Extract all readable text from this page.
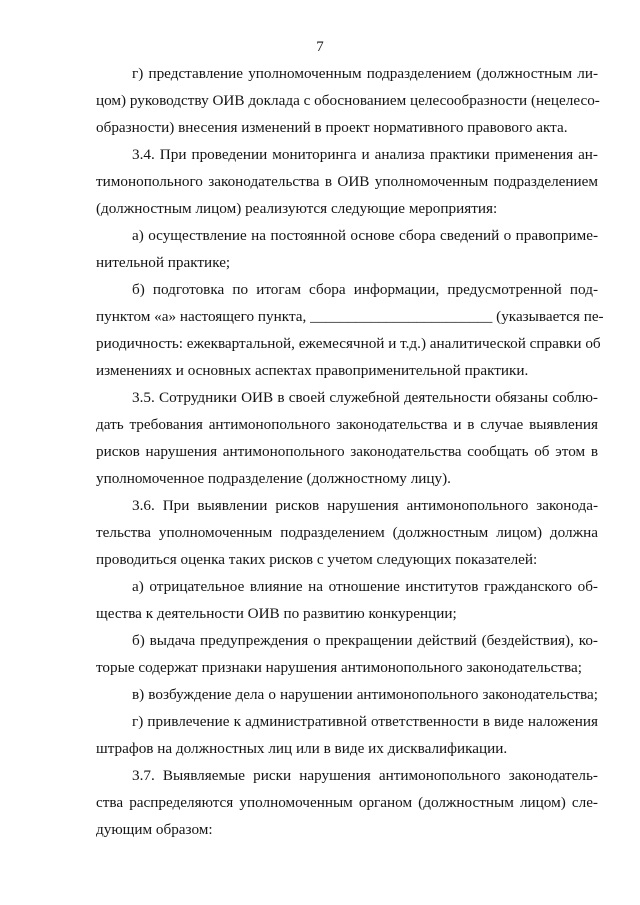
7
г) представление уполномоченным подразделением (должностным ли-
цом) руководству ОИВ доклада с обоснованием целесообразности (нецелесо-
образности) внесения изменений в проект нормативного правового акта.
3.4. При проведении мониторинга и анализа практики применения ан-
тимонопольного законодательства в ОИВ уполномоченным подразделением
(должностным лицом) реализуются следующие мероприятия:
а) осуществление на постоянной основе сбора сведений о правоприме-
нительной практике;
б) подготовка по итогам сбора информации, предусмотренной под-
пунктом «а» настоящего пункта, ________________________ (указывается пе-
риодичность: ежеквартальной, ежемесячной и т.д.) аналитической справки об
изменениях и основных аспектах правоприменительной практики.
3.5. Сотрудники ОИВ в своей служебной деятельности обязаны соблю-
дать требования антимонопольного законодательства и в случае выявления
рисков нарушения антимонопольного законодательства сообщать об этом в
уполномоченное подразделение (должностному лицу).
3.6. При выявлении рисков нарушения антимонопольного законодa-
тельства уполномоченным подразделением (должностным лицом) должна
проводиться оценка таких рисков с учетом следующих показателей:
а) отрицательное влияние на отношение институтов гражданского об-
щества к деятельности ОИВ по развитию конкуренции;
б) выдача предупреждения о прекращении действий (бездействия), ко-
торые содержат признаки нарушения антимонопольного законодательства;
в) возбуждение дела о нарушении антимонопольного законодательства;
г) привлечение к административной ответственности в виде наложения
штрафов на должностных лиц или в виде их дисквалификации.
3.7. Выявляемые риски нарушения антимонопольного законодатель-
ства распределяются уполномоченным органом (должностным лицом) сле-
дующим образом:
